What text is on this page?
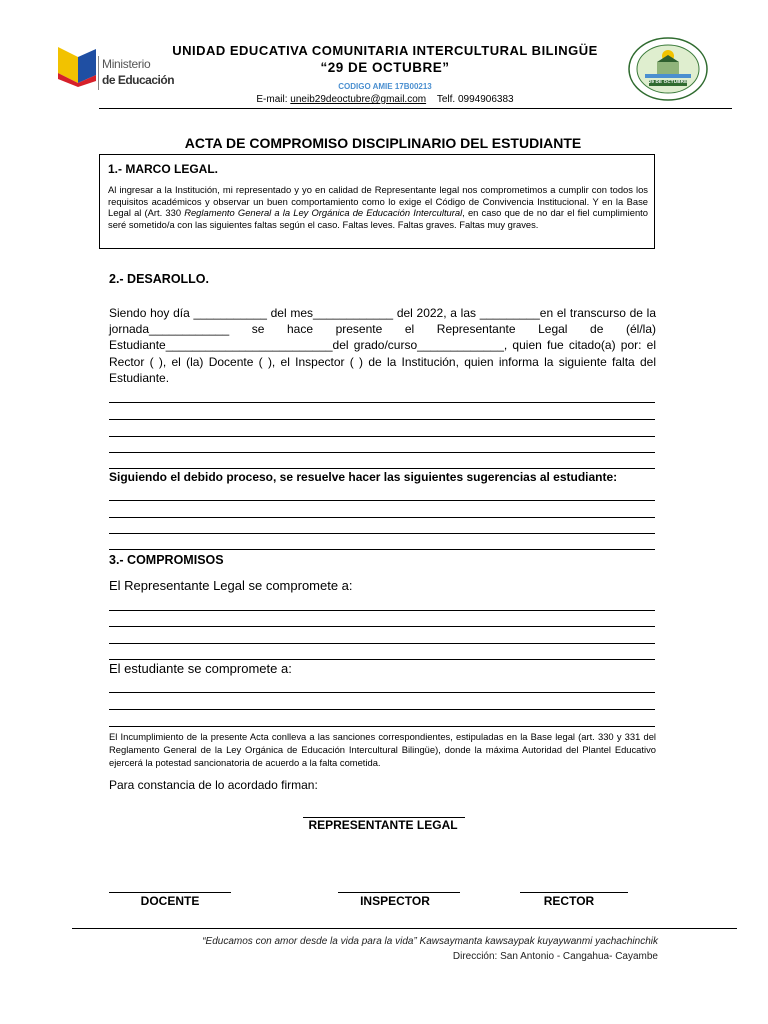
Ministerio
de Educación
UNIDAD EDUCATIVA COMUNITARIA INTERCULTURAL BILINGÜE
“29 DE OCTUBRE”
CODIGO AMIE 17B00213
E-mail: uneib29deoctubre@gmail.com Telf. 0994906383
29 DE OCTUBRE
ACTA DE COMPROMISO DISCIPLINARIO DEL ESTUDIANTE
1.- MARCO LEGAL.
Al ingresar a la Institución, mi representado y yo en calidad de Representante legal nos comprometimos a cumplir con todos los requisitos académicos y observar un buen comportamiento como lo exige el Código de Convivencia Institucional. Y en la Base Legal al (Art. 330 Reglamento General a la Ley Orgánica de Educación Intercultural, en caso que de no dar el fiel cumplimiento seré sometido/a con las siguientes faltas según el caso. Faltas leves. Faltas graves. Faltas muy graves.
2.- DESAROLLO.
Siendo hoy día ___________ del mes____________ del 2022, a las _________en el transcurso de la jornada____________ se hace presente el Representante Legal de (él/la) Estudiante_________________________del grado/curso_____________, quien fue citado(a) por: el Rector ( ), el (la) Docente ( ), el Inspector ( ) de la Institución, quien informa la siguiente falta del Estudiante.
Siguiendo el debido proceso, se resuelve hacer las siguientes sugerencias al estudiante:
3.- COMPROMISOS
El Representante Legal se compromete a:
El estudiante se compromete a:
El Incumplimiento de la presente Acta conlleva a las sanciones correspondientes, estipuladas en la Base legal (art. 330 y 331 del Reglamento General de la Ley Orgánica de Educación Intercultural Bilingüe), donde la máxima Autoridad del Plantel Educativo ejercerá la potestad sancionatoria de acuerdo a la falta cometida.
Para constancia de lo acordado firman:
REPRESENTANTE LEGAL
DOCENTE	INSPECTOR	RECTOR
“Educamos con amor desde la vida para la vida” Kawsaymanta kawsaypak kuyaywanmi yachachinchik
Dirección: San Antonio - Cangahua- Cayambe
